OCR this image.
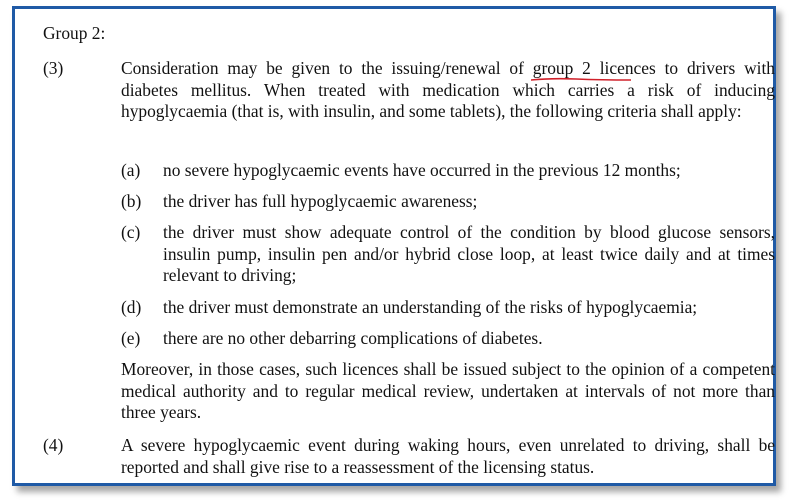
Group 2:
(3)	Consideration may be given to the issuing/renewal of group 2 licences
to drivers with diabetes mellitus. When treated with medication which carries a risk of inducing hypoglycaemia (that is, with insulin, and some tablets), the following criteria shall apply:
(a)	no severe hypoglycaemic events have occurred in the previous 12 months;
(b)	the driver has full hypoglycaemic awareness;
(c)	the driver must show adequate control of the condition by blood glucose sensors, insulin pump, insulin pen and/or hybrid close loop, at least twice daily and at times relevant to driving;
(d)	the driver must demonstrate an understanding of the risks of hypoglycaemia;
(e)	there are no other debarring complications of diabetes.
Moreover, in those cases, such licences shall be issued subject to the opinion of a competent medical authority and to regular medical review, undertaken at intervals of not more than three years.
(4)	A severe hypoglycaemic event during waking hours, even unrelated to driving, shall be reported and shall give rise to a reassessment of the licensing status.
